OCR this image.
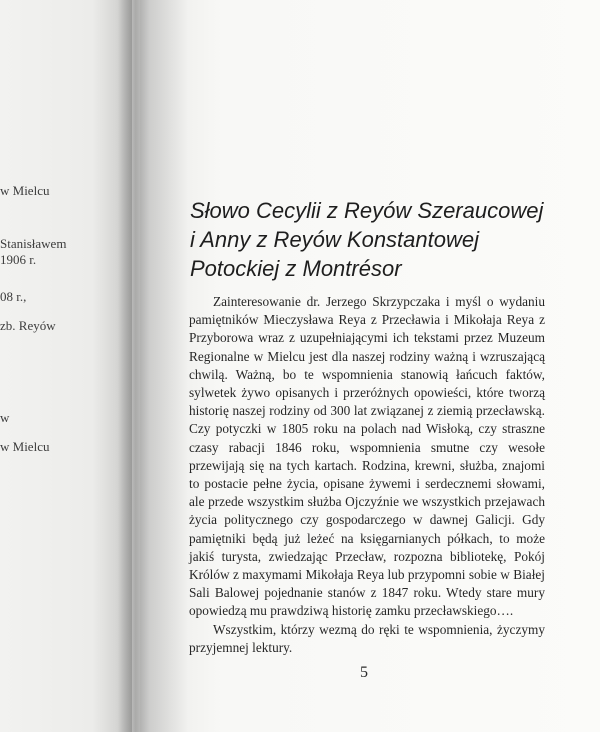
w Mielcu
Stanisławem
1906 r.
08 r.,
zb. Reyów
w
w Mielcu
Słowo Cecylii z Reyów Szeraucowej
i Anny z Reyów Konstantowej
Potockiej z Montrésor

Zainteresowanie dr. Jerzego Skrzypczaka i myśl o wydaniu pamiętników Mieczysława Reya z Przecławia i Mikołaja Reya z Przyborowa wraz z uzupełniającymi ich tekstami przez Muzeum Regionalne w Mielcu jest dla naszej rodziny ważną i wzruszającą chwilą. Ważną, bo te wspomnienia stanowią łańcuch faktów, sylwetek żywo opisanych i przeróżnych opowieści, które tworzą historię naszej rodziny od 300 lat związanej z ziemią przecławską. Czy potyczki w 1805 roku na polach nad Wisłoką, czy straszne czasy rabacji 1846 roku, wspomnienia smutne czy wesołe przewijają się na tych kartach. Rodzina, krewni, służba, znajomi to postacie pełne życia, opisane żywemi i serdecznemi słowami, ale przede wszystkim służba Ojczyźnie we wszystkich przejawach życia politycznego czy gospodarczego w dawnej Galicji. Gdy pamiętniki będą już leżeć na księgarnianych półkach, to może jakiś turysta, zwiedzając Przecław, rozpozna bibliotekę, Pokój Królów z maxymami Mikołaja Reya lub przypomni sobie w Białej Sali Balowej pojednanie stanów z 1847 roku. Wtedy stare mury opowiedzą mu prawdziwą historię zamku przecławskiego….

Wszystkim, którzy wezmą do ręki te wspomnienia, życzymy przyjemnej lektury.

5
